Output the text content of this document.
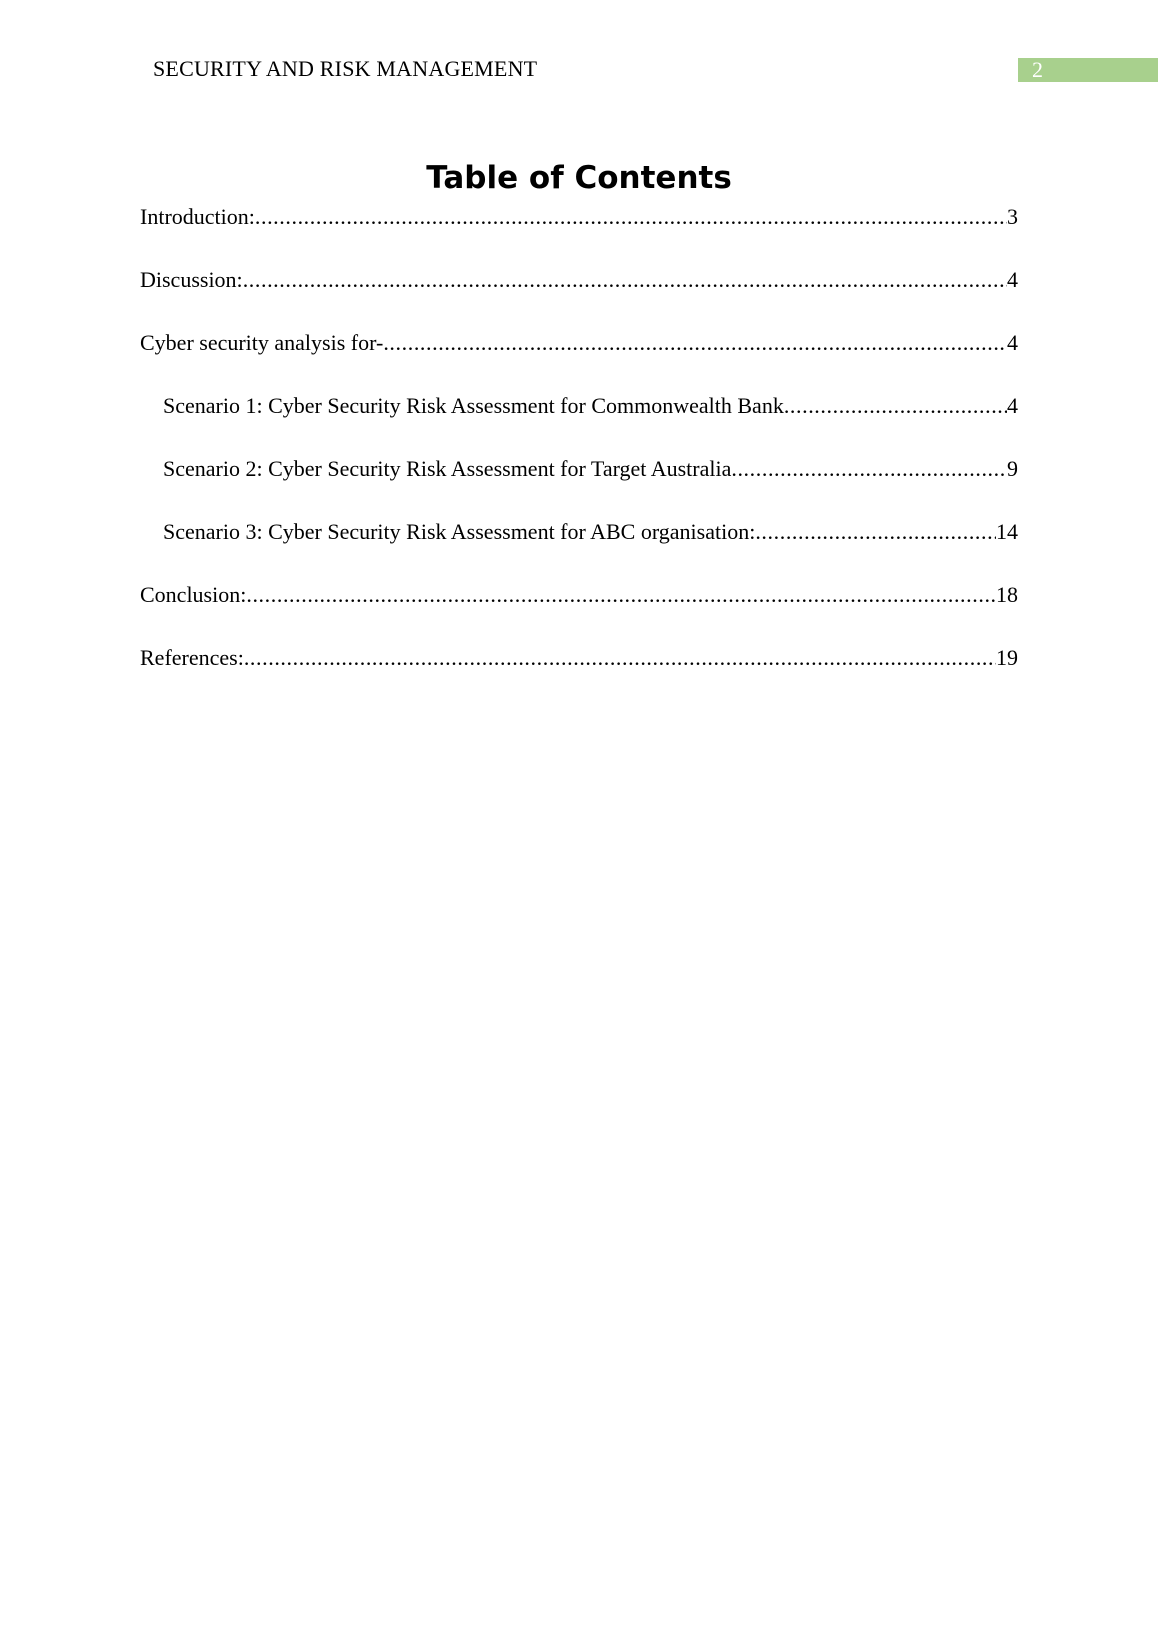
SECURITY AND RISK MANAGEMENT	2
Table of Contents
Introduction: .....	3
Discussion: .....	4
Cyber security analysis for- .....	4
Scenario 1: Cyber Security Risk Assessment for Commonwealth Bank .....	4
Scenario 2: Cyber Security Risk Assessment for Target Australia .....	9
Scenario 3: Cyber Security Risk Assessment for ABC organisation: .....	14
Conclusion: .....	18
References: .....	19
